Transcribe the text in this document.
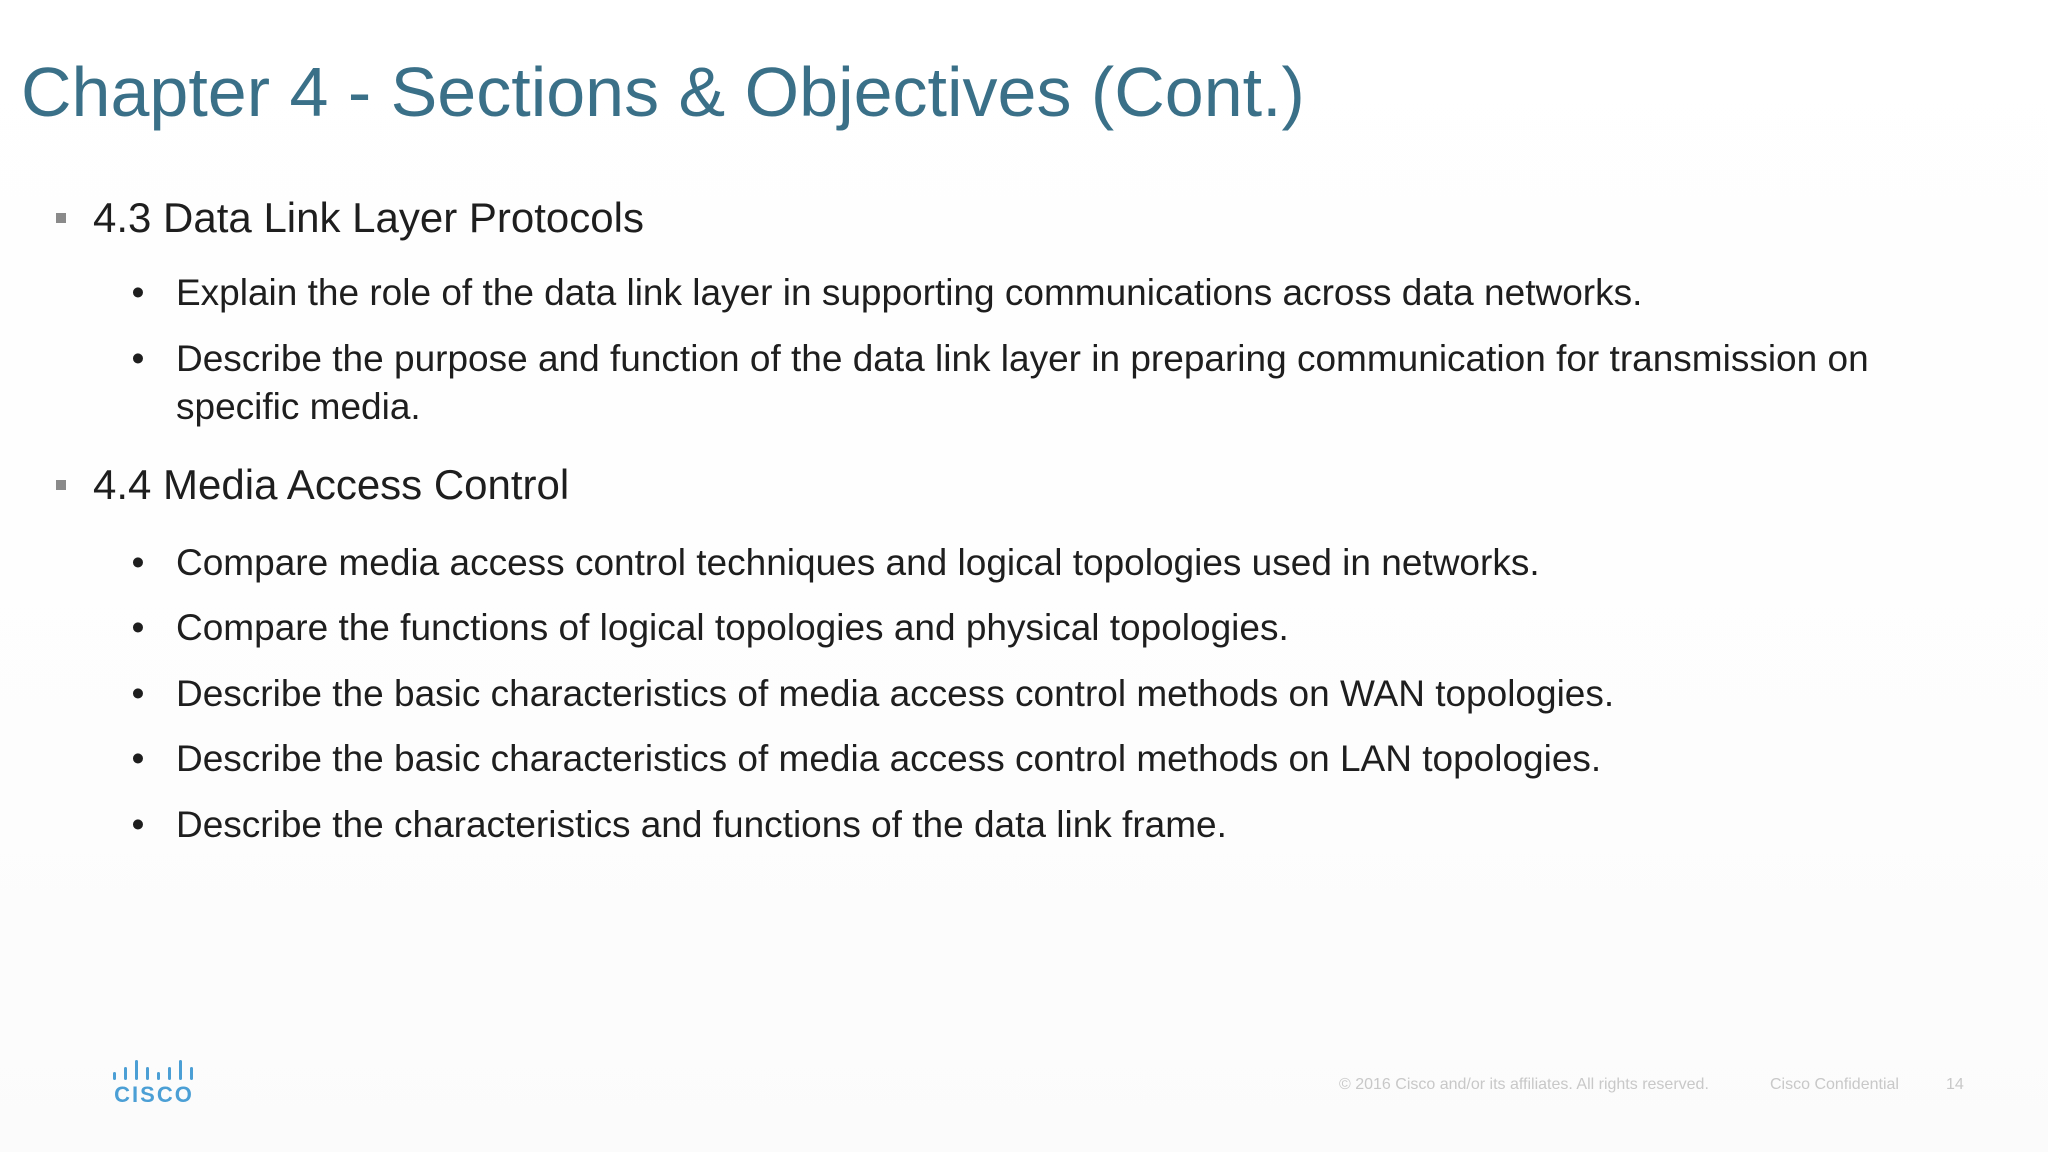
Chapter 4 - Sections & Objectives (Cont.)
4.3 Data Link Layer Protocols
• Explain the role of the data link layer in supporting communications across data networks.
• Describe the purpose and function of the data link layer in preparing communication for transmission on specific media.
4.4 Media Access Control
• Compare media access control techniques and logical topologies used in networks.
• Compare the functions of logical topologies and physical topologies.
• Describe the basic characteristics of media access control methods on WAN topologies.
• Describe the basic characteristics of media access control methods on LAN topologies.
• Describe the characteristics and functions of the data link frame.
CISCO	© 2016 Cisco and/or its affiliates. All rights reserved.	Cisco Confidential	14
